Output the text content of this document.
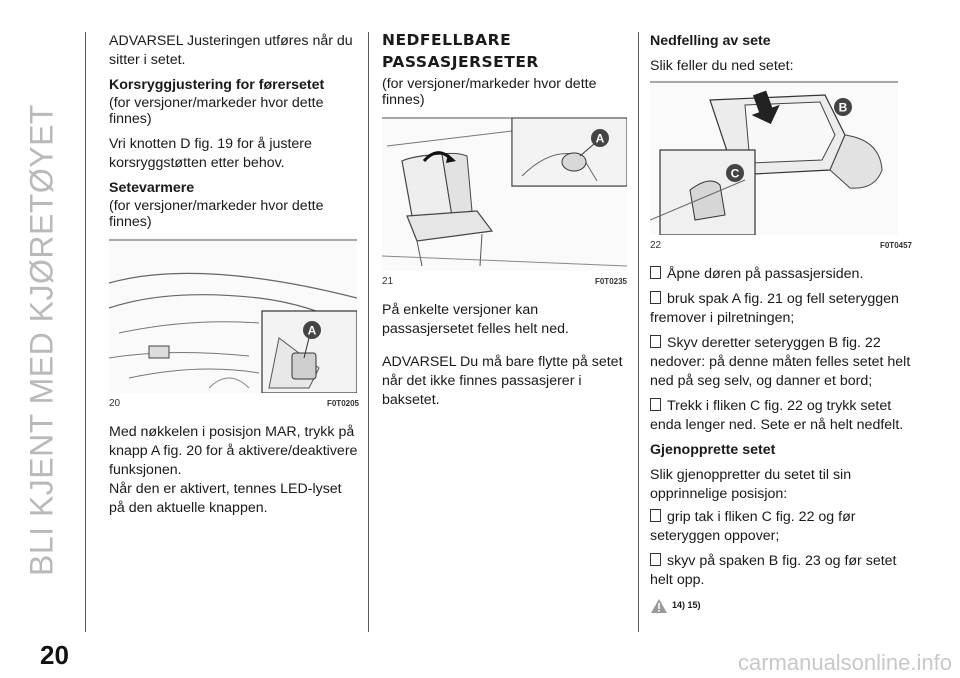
BLI KJENT MED KJØRETØYET

ADVARSEL Justeringen utføres når du sitter i setet.

Korsryggjustering for førersetet

(for versjoner/markeder hvor dette finnes)

Vri knotten D fig. 19 for å justere korsryggstøtten etter behov.

Setevarmere

(for versjoner/markeder hvor dette finnes)

A
20	F0T0205

Med nøkkelen i posisjon MAR, trykk på knapp A fig. 20 for å aktivere/deaktivere funksjonen.

Når den er aktivert, tennes LED-lyset på den aktuelle knappen.

NEDFELLBARE

PASSASJERSETER

(for versjoner/markeder hvor dette finnes)

A
21	F0T0235

På enkelte versjoner kan passasjersetet felles helt ned.

ADVARSEL Du må bare flytte på setet når det ikke finnes passasjerer i baksetet.

Nedfelling av sete

Slik feller du ned setet:

C
B
22	F0T0457

Åpne døren på passasjersiden.

bruk spak A fig. 21 og fell seteryggen fremover i pilretningen;

Skyv deretter seteryggen B fig. 22 nedover: på denne måten felles setet helt ned på seg selv, og danner et bord;

Trekk i fliken C fig. 22 og trykk setet enda lenger ned. Sete er nå helt nedfelt.

Gjenopprette setet

Slik gjenoppretter du setet til sin opprinnelige posisjon:

grip tak i fliken C fig. 22 og før seteryggen oppover;

skyv på spaken B fig. 23 og før setet helt opp.

14) 15)
20	carmanualsonline.info
